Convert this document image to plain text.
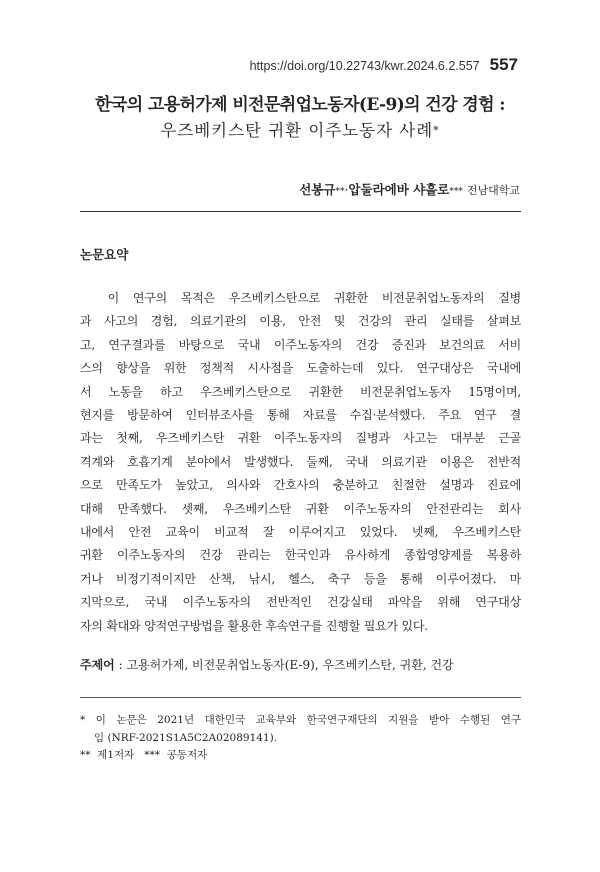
https://doi.org/10.22743/kwr.2024.6.2.557 557
한국의 고용허가제 비전문취업노동자(E-9)의 건강 경험 :
우즈베키스탄 귀환 이주노동자 사례*
선봉규**·압둘라에바 샤흘로*** 전남대학교
논문요약
이 연구의 목적은 우즈베키스탄으로 귀환한 비전문취업노동자의 질병
과 사고의 경험, 의료기관의 이용, 안전 및 건강의 관리 실태를 살펴보
고, 연구결과를 바탕으로 국내 이주노동자의 건강 증진과 보건의료 서비
스의 향상을 위한 정책적 시사점을 도출하는데 있다. 연구대상은 국내에
서 노동을 하고 우즈베키스탄으로 귀환한 비전문취업노동자 15명이며,
현지를 방문하여 인터뷰조사를 통해 자료를 수집·분석했다. 주요 연구 결
과는 첫째, 우즈베키스탄 귀환 이주노동자의 질병과 사고는 대부분 근골
격계와 호흡기계 분야에서 발생했다. 둘째, 국내 의료기관 이용은 전반적
으로 만족도가 높았고, 의사와 간호사의 충분하고 친절한 설명과 진료에
대해 만족했다. 셋째, 우즈베키스탄 귀환 이주노동자의 안전관리는 회사
내에서 안전 교육이 비교적 잘 이루어지고 있었다. 넷째, 우즈베키스탄
귀환 이주노동자의 건강 관리는 한국인과 유사하게 종합영양제를 복용하
거나 비정기적이지만 산책, 낚시, 헬스, 축구 등을 통해 이루어졌다. 마
지막으로, 국내 이주노동자의 전반적인 건강실태 파악을 위해 연구대상
자의 확대와 양적연구방법을 활용한 후속연구를 진행할 필요가 있다.
주제어 : 고용허가제, 비전문취업노동자(E-9), 우즈베키스탄, 귀환, 건강
* 이 논문은 2021년 대한민국 교육부와 한국연구재단의 지원을 받아 수행된 연구
임 (NRF-2021S1A5C2A02089141).
**  제1저자   ***  공동저자
